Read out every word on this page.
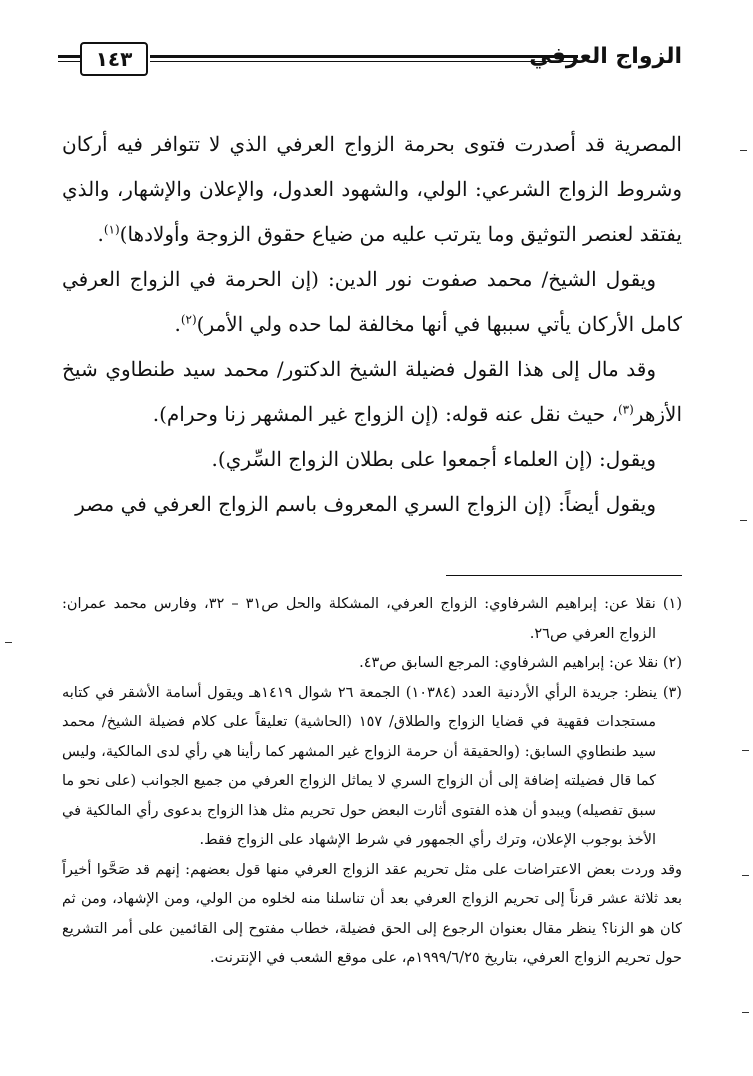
١٤٣	الزواج العرفي

المصرية قد أصدرت فتوى بحرمة الزواج العرفي الذي لا تتوافر فيه أركان وشروط الزواج الشرعي: الولي، والشهود العدول، والإعلان والإشهار، والذي يفتقد لعنصر التوثيق وما يترتب عليه من ضياع حقوق الزوجة وأولادها)$^{(١)}$.

ويقول الشيخ/ محمد صفوت نور الدين: (إن الحرمة في الزواج العرفي كامل الأركان يأتي سببها في أنها مخالفة لما حده ولي الأمر)$^{(٢)}$.

وقد مال إلى هذا القول فضيلة الشيخ الدكتور/ محمد سيد طنطاوي شيخ الأزهر$^{(٣)}$، حيث نقل عنه قوله: (إن الزواج غير المشهر زنا وحرام).

ويقول: (إن العلماء أجمعوا على بطلان الزواج السِّري).

ويقول أيضاً: (إن الزواج السري المعروف باسم الزواج العرفي في مصر

(١) نقلا عن: إبراهيم الشرفاوي: الزواج العرفي، المشكلة والحل ص٣١ – ٣٢، وفارس محمد عمران: الزواج العرفي ص٢٦.

(٢) نقلا عن: إبراهيم الشرفاوي: المرجع السابق ص٤٣.

(٣) ينظر: جريدة الرأي الأردنية العدد (١٠٣٨٤) الجمعة ٢٦ شوال ١٤١٩هـ ويقول أسامة الأشقر في كتابه مستجدات فقهية في قضايا الزواج والطلاق/ ١٥٧ (الحاشية) تعليقاً على كلام فضيلة الشيخ/ محمد سيد طنطاوي السابق: (والحقيقة أن حرمة الزواج غير المشهر كما رأينا هي رأي لدى المالكية، وليس كما قال فضيلته إضافة إلى أن الزواج السري لا يماثل الزواج العرفي من جميع الجوانب (على نحو ما سبق تفصيله) ويبدو أن هذه الفتوى أثارت البعض حول تحريم مثل هذا الزواج بدعوى رأي المالكية في الأخذ بوجوب الإعلان، وترك رأي الجمهور في شرط الإشهاد على الزواج فقط.

وقد وردت بعض الاعتراضات على مثل تحريم عقد الزواج العرفي منها قول بعضهم: إنهم قد صَحَّوا أخيراً بعد ثلاثة عشر قرناً إلى تحريم الزواج العرفي بعد أن تناسلنا منه لخلوه من الولي، ومن الإشهاد، ومن ثم كان هو الزنا؟ ينظر مقال بعنوان الرجوع إلى الحق فضيلة، خطاب مفتوح إلى القائمين على أمر التشريع حول تحريم الزواج العرفي، بتاريخ ١٩٩٩/٦/٢٥م، على موقع الشعب في الإنترنت.
